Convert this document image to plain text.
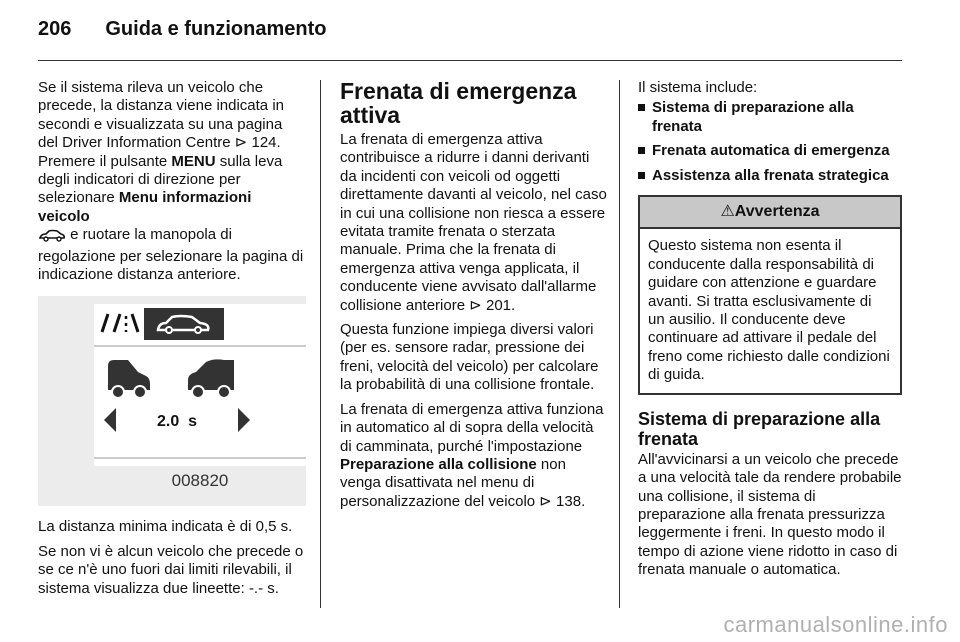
206 Guida e funzionamento

Se il sistema rileva un veicolo che precede, la distanza viene indicata in secondi e visualizzata su una pagina del Driver Information Centre ⊳ 124. Premere il pulsante MENU sulla leva degli indicatori di direzione per selezionare Menu informazioni veicolo
e ruotare la manopola di regolazione per selezionare la pagina di indicazione distanza anteriore.

2.0  s
008820

La distanza minima indicata è di 0,5 s.

Se non vi è alcun veicolo che precede o se ce n'è uno fuori dai limiti rilevabili, il sistema visualizza due lineette: -.- s.

Frenata di emergenza attiva

La frenata di emergenza attiva contribuisce a ridurre i danni derivanti da incidenti con veicoli od oggetti direttamente davanti al veicolo, nel caso in cui una collisione non riesca a essere evitata tramite frenata o sterzata manuale. Prima che la frenata di emergenza attiva venga applicata, il conducente viene avvisato dall'allarme collisione anteriore ⊳ 201.

Questa funzione impiega diversi valori (per es. sensore radar, pressione dei freni, velocità del veicolo) per calcolare la probabilità di una collisione frontale.

La frenata di emergenza attiva funziona in automatico al di sopra della velocità di camminata, purché l'impostazione Preparazione alla collisione non venga disattivata nel menu di personalizzazione del veicolo ⊳ 138.

Il sistema include:

Sistema di preparazione alla frenata
Frenata automatica di emergenza
Assistenza alla frenata strategica
⚠Avvertenza
Questo sistema non esenta il conducente dalla responsabilità di guidare con attenzione e guardare avanti. Si tratta esclusivamente di un ausilio. Il conducente deve continuare ad attivare il pedale del freno come richiesto dalle condizioni di guida.
Sistema di preparazione alla frenata

All'avvicinarsi a un veicolo che precede a una velocità tale da rendere probabile una collisione, il sistema di preparazione alla frenata pressurizza leggermente i freni. In questo modo il tempo di azione viene ridotto in caso di frenata manuale o automatica.

carmanualsonline.info
